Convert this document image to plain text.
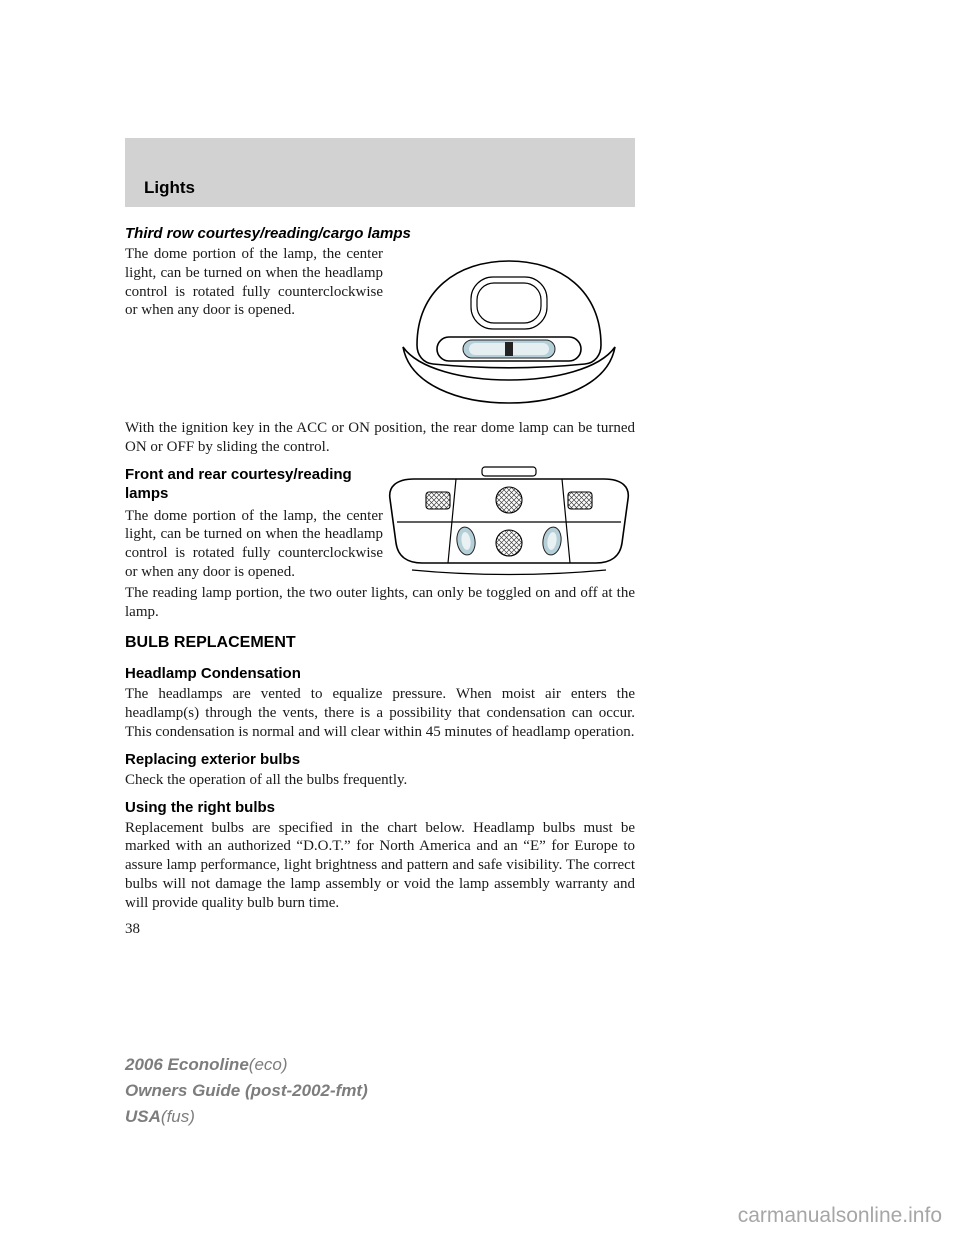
Lights
Third row courtesy/reading/cargo lamps

The dome portion of the lamp, the center light, can be turned on when the headlamp control is rotated fully counterclockwise or when any door is opened.

With the ignition key in the ACC or ON position, the rear dome lamp can be turned ON or OFF by sliding the control.

Front and rear courtesy/reading lamps

The dome portion of the lamp, the center light, can be turned on when the headlamp control is rotated fully counterclockwise or when any door is opened.

The reading lamp portion, the two outer lights, can only be toggled on and off at the lamp.

BULB REPLACEMENT
Headlamp Condensation

The headlamps are vented to equalize pressure. When moist air enters the headlamp(s) through the vents, there is a possibility that condensation can occur. This condensation is normal and will clear within 45 minutes of headlamp operation.

Replacing exterior bulbs

Check the operation of all the bulbs frequently.

Using the right bulbs

Replacement bulbs are specified in the chart below. Headlamp bulbs must be marked with an authorized “D.O.T.” for North America and an “E” for Europe to assure lamp performance, light brightness and pattern and safe visibility. The correct bulbs will not damage the lamp assembly or void the lamp assembly warranty and will provide quality bulb burn time.

38
2006 Econoline(eco)
Owners Guide (post-2002-fmt)
USA(fus)
carmanualsonline.info
